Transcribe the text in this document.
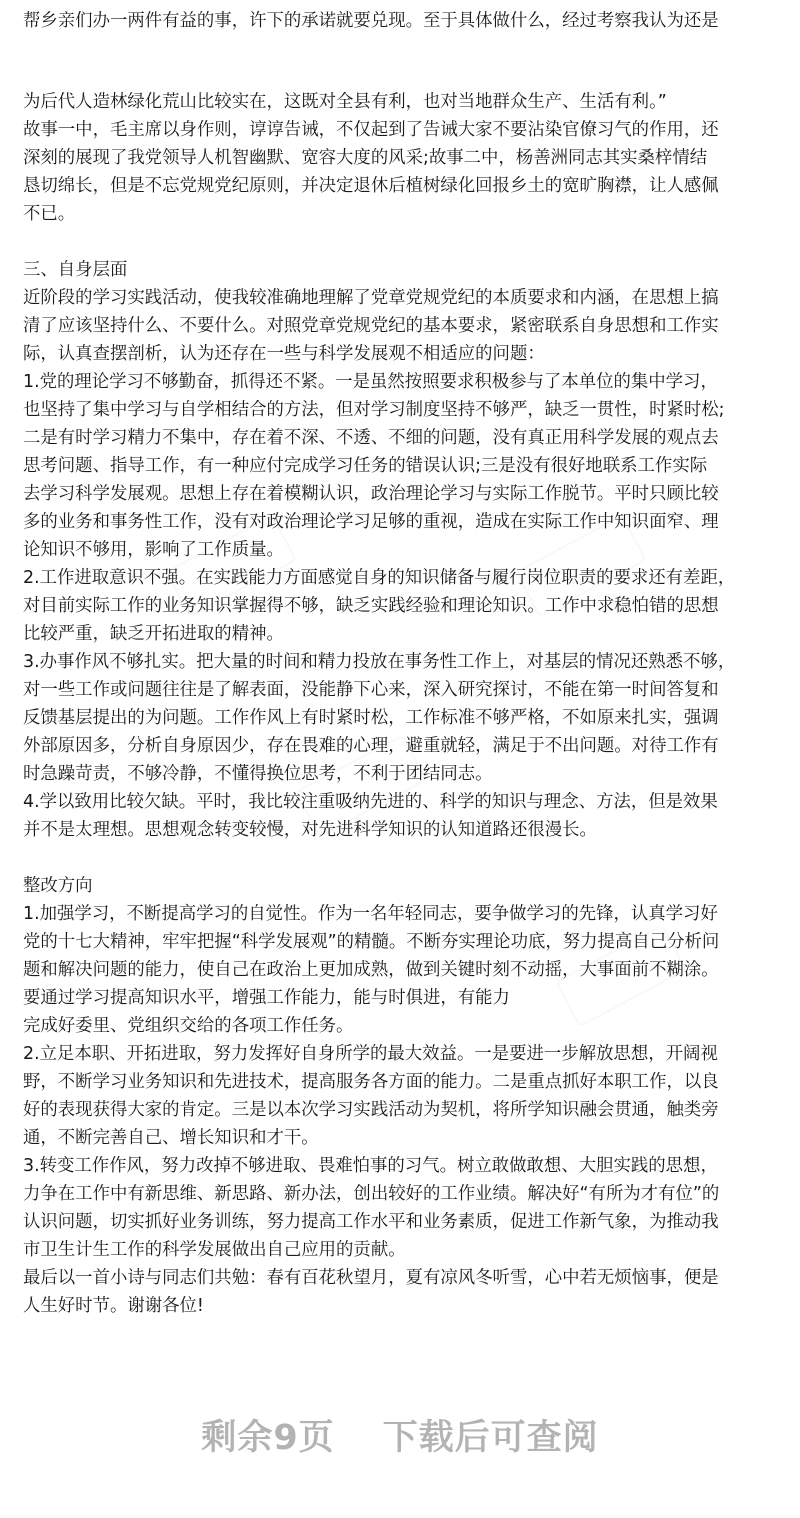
帮乡亲们办一两件有益的事，许下的承诺就要兑现。至于具体做什么，经过考察我认为还是
为后代人造林绿化荒山比较实在，这既对全县有利，也对当地群众生产、生活有利。”
故事一中，毛主席以身作则，谆谆告诫，不仅起到了告诫大家不要沾染官僚习气的作用，还
深刻的展现了我党领导人机智幽默、宽容大度的风采;故事二中，杨善洲同志其实桑梓情结
恳切绵长，但是不忘党规党纪原则，并决定退休后植树绿化回报乡土的宽旷胸襟，让人感佩
不已。
三、自身层面
近阶段的学习实践活动，使我较准确地理解了党章党规党纪的本质要求和内涵，在思想上搞
清了应该坚持什么、不要什么。对照党章党规党纪的基本要求，紧密联系自身思想和工作实
际，认真查摆剖析，认为还存在一些与科学发展观不相适应的问题：
1.党的理论学习不够勤奋，抓得还不紧。一是虽然按照要求积极参与了本单位的集中学习，
也坚持了集中学习与自学相结合的方法，但对学习制度坚持不够严，缺乏一贯性，时紧时松;
二是有时学习精力不集中，存在着不深、不透、不细的问题，没有真正用科学发展的观点去
思考问题、指导工作，有一种应付完成学习任务的错误认识;三是没有很好地联系工作实际
去学习科学发展观。思想上存在着模糊认识，政治理论学习与实际工作脱节。平时只顾比较
多的业务和事务性工作，没有对政治理论学习足够的重视，造成在实际工作中知识面窄、理
论知识不够用，影响了工作质量。
2.工作进取意识不强。在实践能力方面感觉自身的知识储备与履行岗位职责的要求还有差距，
对目前实际工作的业务知识掌握得不够，缺乏实践经验和理论知识。工作中求稳怕错的思想
比较严重，缺乏开拓进取的精神。
3.办事作风不够扎实。把大量的时间和精力投放在事务性工作上，对基层的情况还熟悉不够，
对一些工作或问题往往是了解表面，没能静下心来，深入研究探讨，不能在第一时间答复和
反馈基层提出的为问题。工作作风上有时紧时松，工作标准不够严格，不如原来扎实，强调
外部原因多，分析自身原因少，存在畏难的心理，避重就轻，满足于不出问题。对待工作有
时急躁苛责，不够冷静，不懂得换位思考，不利于团结同志。
4.学以致用比较欠缺。平时，我比较注重吸纳先进的、科学的知识与理念、方法，但是效果
并不是太理想。思想观念转变较慢，对先进科学知识的认知道路还很漫长。
整改方向
1.加强学习，不断提高学习的自觉性。作为一名年轻同志，要争做学习的先锋，认真学习好
党的十七大精神，牢牢把握“科学发展观”的精髓。不断夯实理论功底，努力提高自己分析问
题和解决问题的能力，使自己在政治上更加成熟，做到关键时刻不动摇，大事面前不糊涂。
要通过学习提高知识水平，增强工作能力，能与时俱进，有能力
完成好委里、党组织交给的各项工作任务。
2.立足本职、开拓进取，努力发挥好自身所学的最大效益。一是要进一步解放思想，开阔视
野，不断学习业务知识和先进技术，提高服务各方面的能力。二是重点抓好本职工作，以良
好的表现获得大家的肯定。三是以本次学习实践活动为契机，将所学知识融会贯通，触类旁
通，不断完善自己、增长知识和才干。
3.转变工作作风，努力改掉不够进取、畏难怕事的习气。树立敢做敢想、大胆实践的思想，
力争在工作中有新思维、新思路、新办法，创出较好的工作业绩。解决好“有所为才有位”的
认识问题，切实抓好业务训练，努力提高工作水平和业务素质，促进工作新气象，为推动我
市卫生计生工作的科学发展做出自己应用的贡献。
最后以一首小诗与同志们共勉：春有百花秋望月，夏有凉风冬听雪，心中若无烦恼事，便是
人生好时节。谢谢各位!
剩余9页 下载后可查阅
